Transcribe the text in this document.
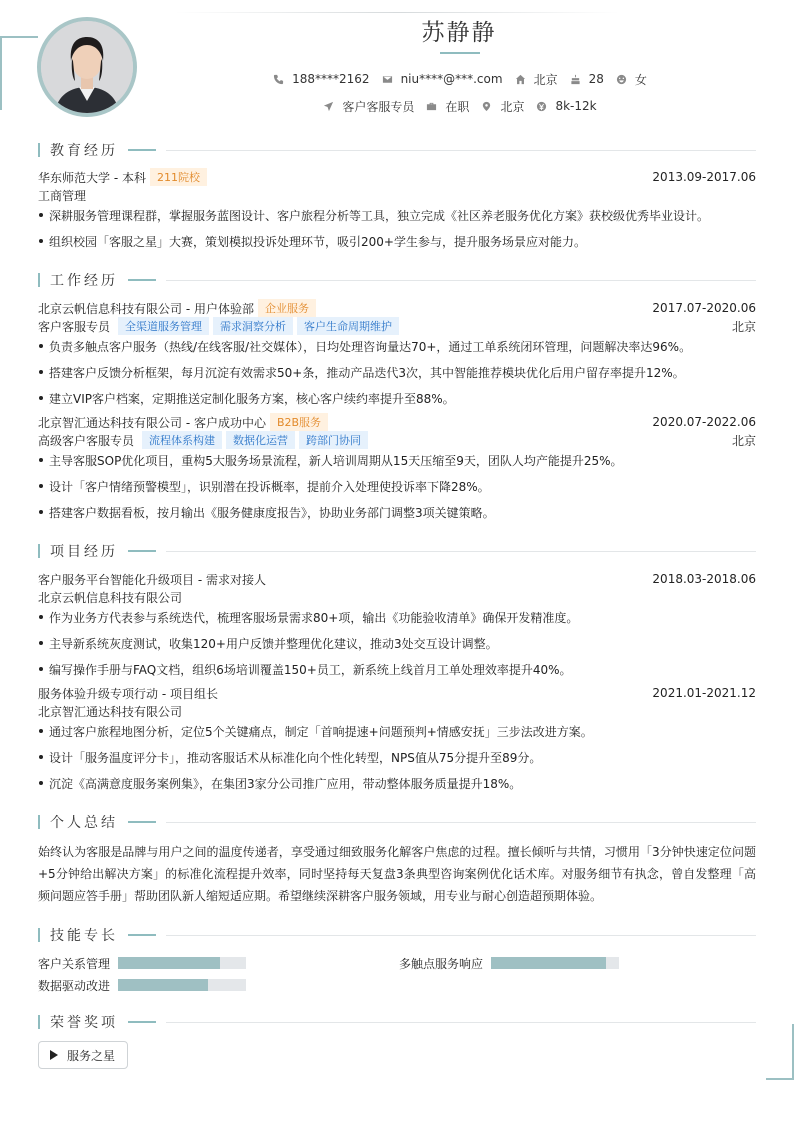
苏静静
188****2162	niu****@***.com	北京	28	女
客户客服专员	在职	北京	8k-12k
教育经历
华东师范大学 - 本科	211院校	2013.09-2017.06
工商管理
深耕服务管理课程群，掌握服务蓝图设计、客户旅程分析等工具，独立完成《社区养老服务优化方案》获校级优秀毕业设计。
组织校园「客服之星」大赛，策划模拟投诉处理环节，吸引200+学生参与，提升服务场景应对能力。
工作经历
北京云帆信息科技有限公司 - 用户体验部	企业服务	2017.07-2020.06
客户客服专员	全渠道服务管理	需求洞察分析	客户生命周期维护	北京
负责多触点客户服务（热线/在线客服/社交媒体），日均处理咨询量达70+，通过工单系统闭环管理，问题解决率达96%。
搭建客户反馈分析框架，每月沉淀有效需求50+条，推动产品迭代3次，其中智能推荐模块优化后用户留存率提升12%。
建立VIP客户档案，定期推送定制化服务方案，核心客户续约率提升至88%。
北京智汇通达科技有限公司 - 客户成功中心	B2B服务	2020.07-2022.06
高级客户客服专员	流程体系构建	数据化运营	跨部门协同	北京
主导客服SOP优化项目，重构5大服务场景流程，新人培训周期从15天压缩至9天，团队人均产能提升25%。
设计「客户情绪预警模型」，识别潜在投诉概率，提前介入处理使投诉率下降28%。
搭建客户数据看板，按月输出《服务健康度报告》，协助业务部门调整3项关键策略。
项目经历
客户服务平台智能化升级项目 - 需求对接人	2018.03-2018.06
北京云帆信息科技有限公司
作为业务方代表参与系统迭代，梳理客服场景需求80+项，输出《功能验收清单》确保开发精准度。
主导新系统灰度测试，收集120+用户反馈并整理优化建议，推动3处交互设计调整。
编写操作手册与FAQ文档，组织6场培训覆盖150+员工，新系统上线首月工单处理效率提升40%。
服务体验升级专项行动 - 项目组长	2021.01-2021.12
北京智汇通达科技有限公司
通过客户旅程地图分析，定位5个关键痛点，制定「首响提速+问题预判+情感安抚」三步法改进方案。
设计「服务温度评分卡」，推动客服话术从标准化向个性化转型，NPS值从75分提升至89分。
沉淀《高满意度服务案例集》，在集团3家分公司推广应用，带动整体服务质量提升18%。
个人总结
始终认为客服是品牌与用户之间的温度传递者，享受通过细致服务化解客户焦虑的过程。擅长倾听与共情，习惯用「3分钟快速定位问题+5分钟给出解决方案」的标准化流程提升效率，同时坚持每天复盘3条典型咨询案例优化话术库。对服务细节有执念，曾自发整理「高频问题应答手册」帮助团队新人缩短适应期。希望继续深耕客户服务领域，用专业与耐心创造超预期体验。
技能专长
客户关系管理	多触点服务响应
数据驱动改进
荣誉奖项
服务之星
